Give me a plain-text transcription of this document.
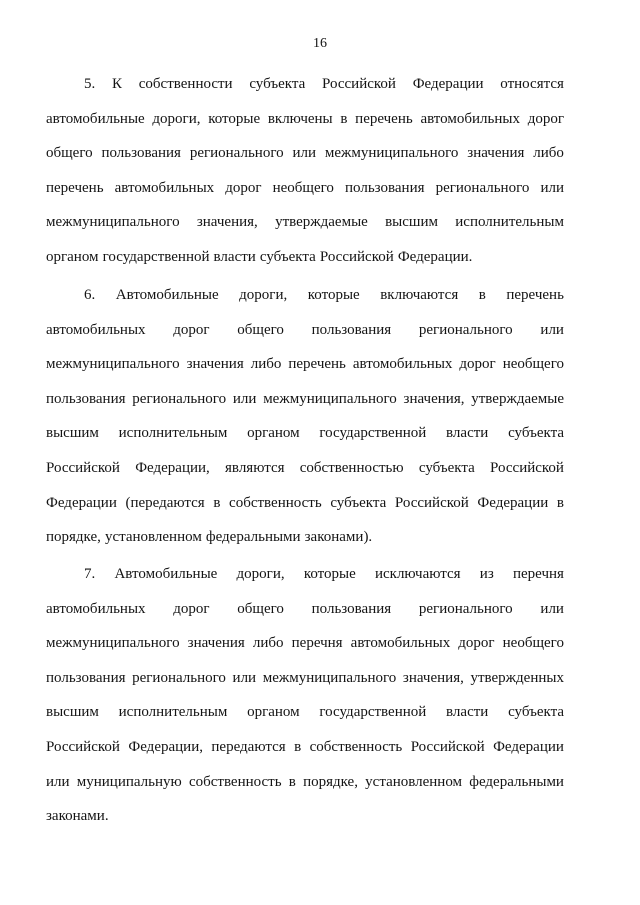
16
5. К собственности субъекта Российской Федерации относятся
автомобильные дороги, которые включены в перечень автомобильных дорог
общего пользования регионального или межмуниципального значения либо
перечень автомобильных дорог необщего пользования регионального или
межмуниципального значения, утверждаемые высшим исполнительным
органом государственной власти субъекта Российской Федерации.
6. Автомобильные дороги, которые включаются в перечень
автомобильных дорог общего пользования регионального или
межмуниципального значения либо перечень автомобильных дорог необщего
пользования регионального или межмуниципального значения, утверждаемые
высшим исполнительным органом государственной власти субъекта
Российской Федерации, являются собственностью субъекта Российской
Федерации (передаются в собственность субъекта Российской Федерации в
порядке, установленном федеральными законами).
7. Автомобильные дороги, которые исключаются из перечня
автомобильных дорог общего пользования регионального или
межмуниципального значения либо перечня автомобильных дорог необщего
пользования регионального или межмуниципального значения, утвержденных
высшим исполнительным органом государственной власти субъекта
Российской Федерации, передаются в собственность Российской Федерации
или муниципальную собственность в порядке, установленном федеральными
законами.
